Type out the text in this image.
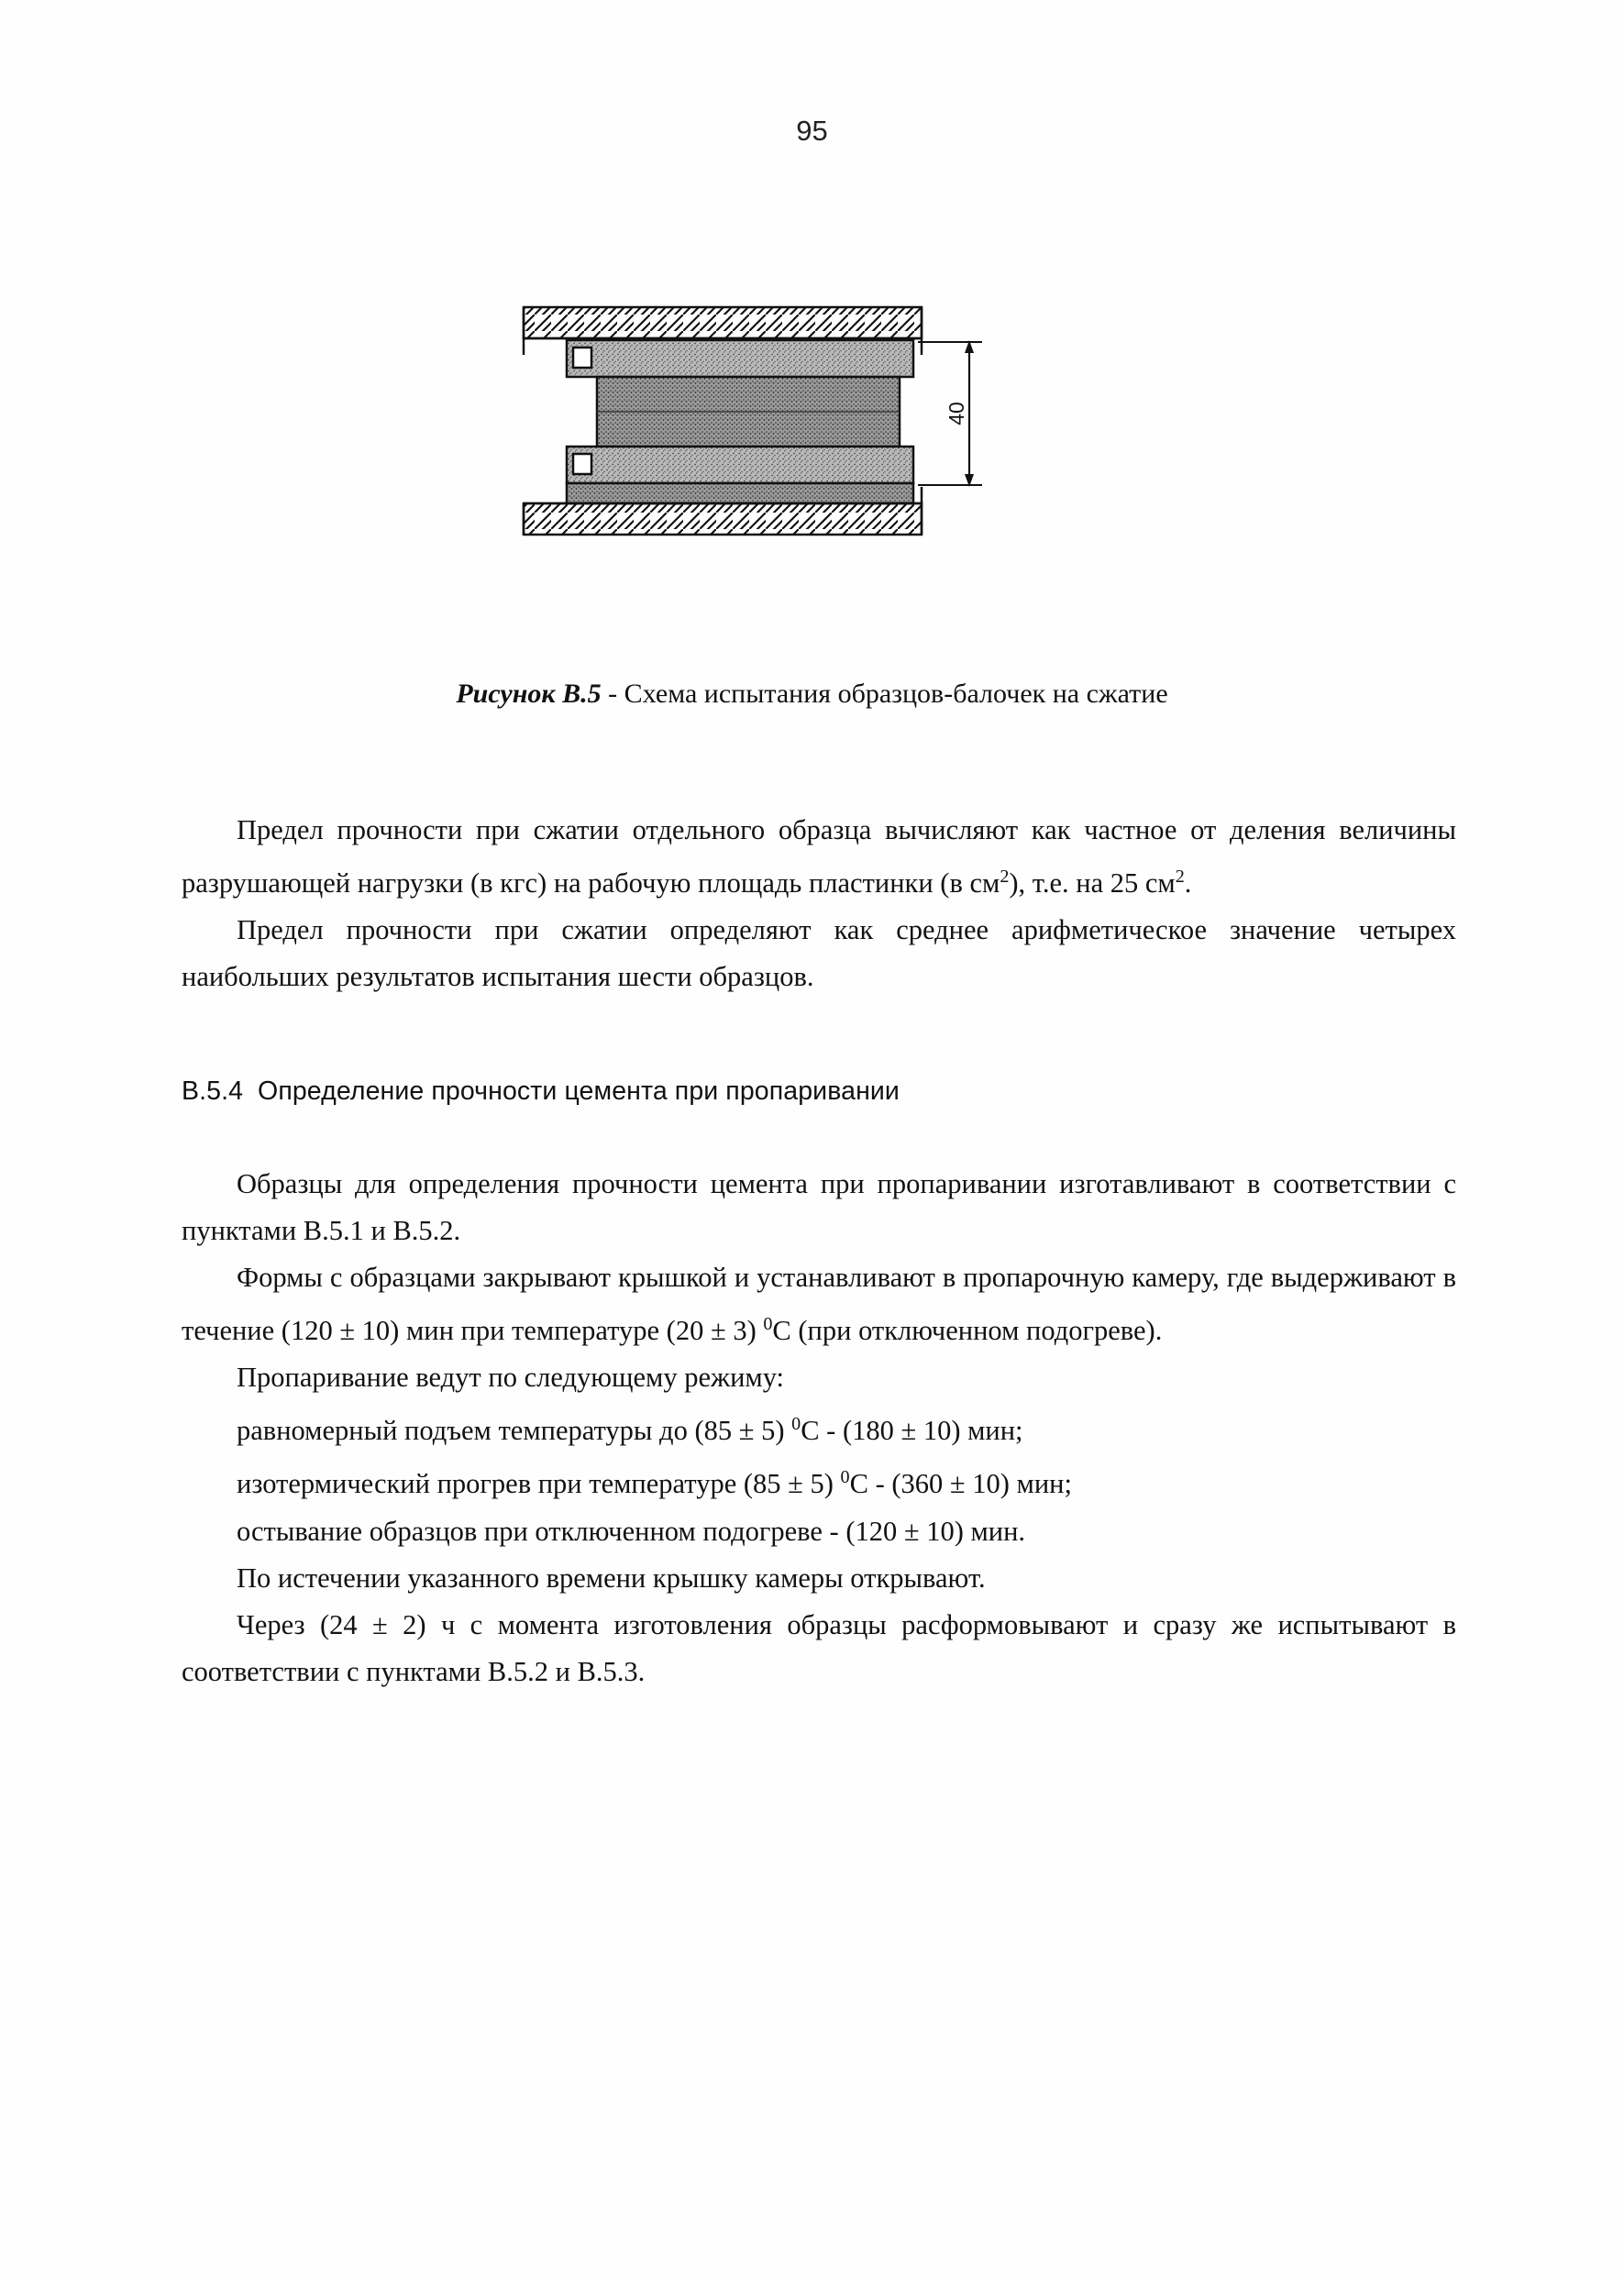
95
40
Рисунок В.5 - Схема испытания образцов-балочек на сжатие
Предел прочности при сжатии отдельного образца вычисляют как частное от деления величины разрушающей нагрузки (в кгс) на рабочую площадь пластинки (в $см^2$), т.е. на 25 $см^2$.
Предел прочности при сжатии определяют как среднее арифметическое значение четырех наибольших результатов испытания шести образцов.
В.5.4 Определение прочности цемента при пропаривании
Образцы для определения прочности цемента при пропаривании изготавливают в соответствии с пунктами В.5.1 и В.5.2.
Формы с образцами закрывают крышкой и устанавливают в пропарочную камеру, где выдерживают в течение (120 ± 10) мин при температуре (20 ± 3) $^0$С (при отключенном подогреве).
Пропаривание ведут по следующему режиму:
равномерный подъем температуры до (85 ± 5) $^0$С - (180 ± 10) мин;
изотермический прогрев при температуре (85 ± 5) $^0$С - (360 ± 10) мин;
остывание образцов при отключенном подогреве - (120 ± 10) мин.
По истечении указанного времени крышку камеры открывают.
Через (24 ± 2) ч с момента изготовления образцы расформовывают и сразу же испытывают в соответствии с пунктами В.5.2 и В.5.3.
